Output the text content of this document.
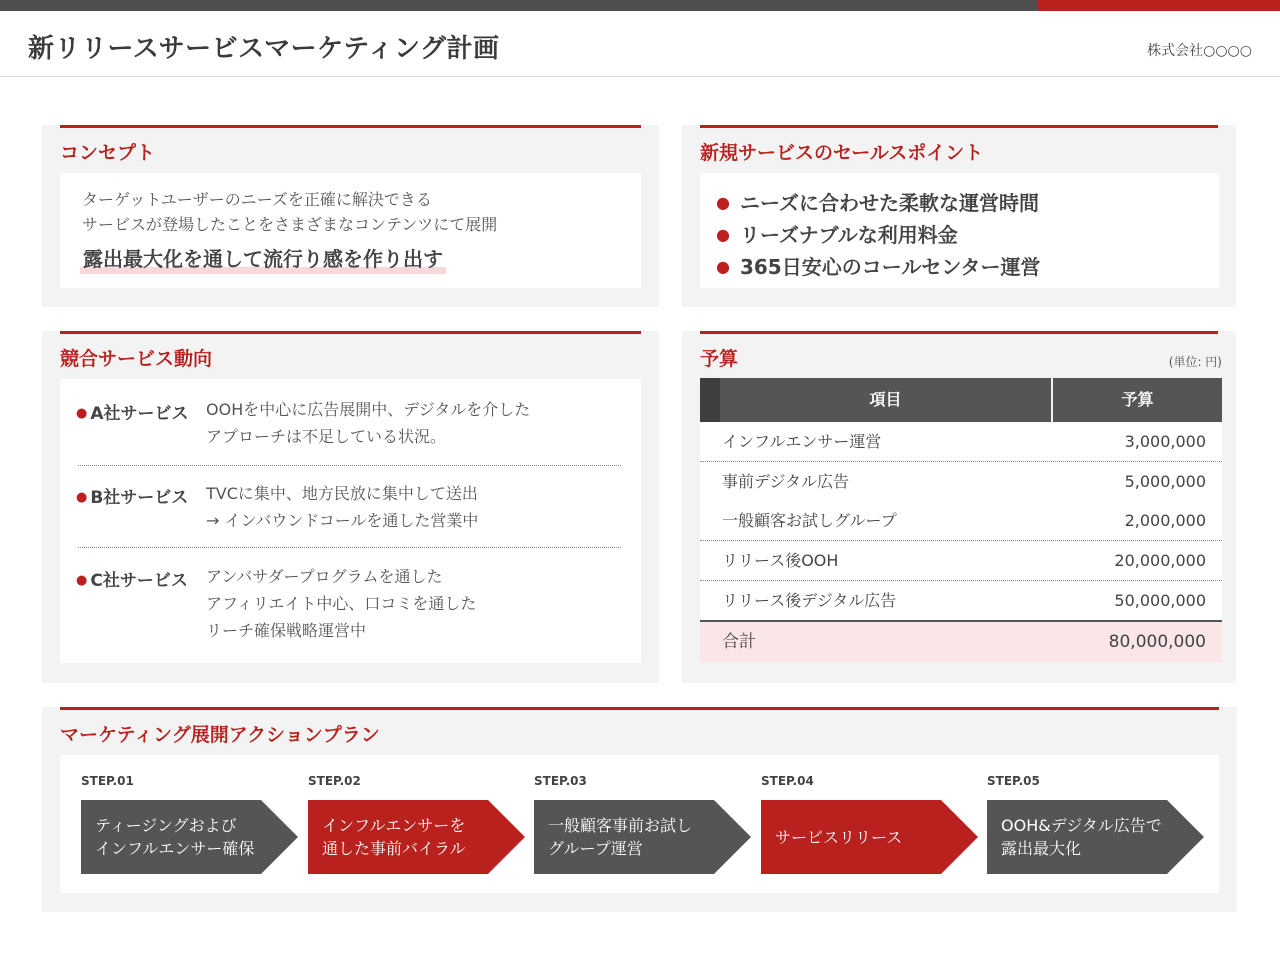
新リリースサービスマーケティング計画	株式会社○○○○
コンセプト
ターゲットユーザーのニーズを正確に解決できる
サービスが登場したことをさまざまなコンテンツにて展開
露出最大化を通して流行り感を作り出す
新規サービスのセールスポイント
● ニーズに合わせた柔軟な運営時間
● リーズナブルな利用料金
● 365日安心のコールセンター運営
競合サービス動向
● A社サービス OOHを中心に広告展開中、デジタルを介した
アプローチは不足している状況。
● B社サービス TVCに集中、地方民放に集中して送出
→ インバウンドコールを通した営業中
● C社サービス アンバサダープログラムを通した
アフィリエイト中心、口コミを通した
リーチ確保戦略運営中
予算	(単位: 円)
項目	予算
インフルエンサー運営	3,000,000
事前デジタル広告	5,000,000
一般顧客お試しグループ	2,000,000
リリース後OOH	20,000,000
リリース後デジタル広告	50,000,000
合計	80,000,000
マーケティング展開アクションプラン
STEP.01
ティージングおよび
インフルエンサー確保
STEP.02
インフルエンサーを
通した事前バイラル
STEP.03
一般顧客事前お試し
グループ運営
STEP.04
サービスリリース
STEP.05
OOH&デジタル広告で
露出最大化
